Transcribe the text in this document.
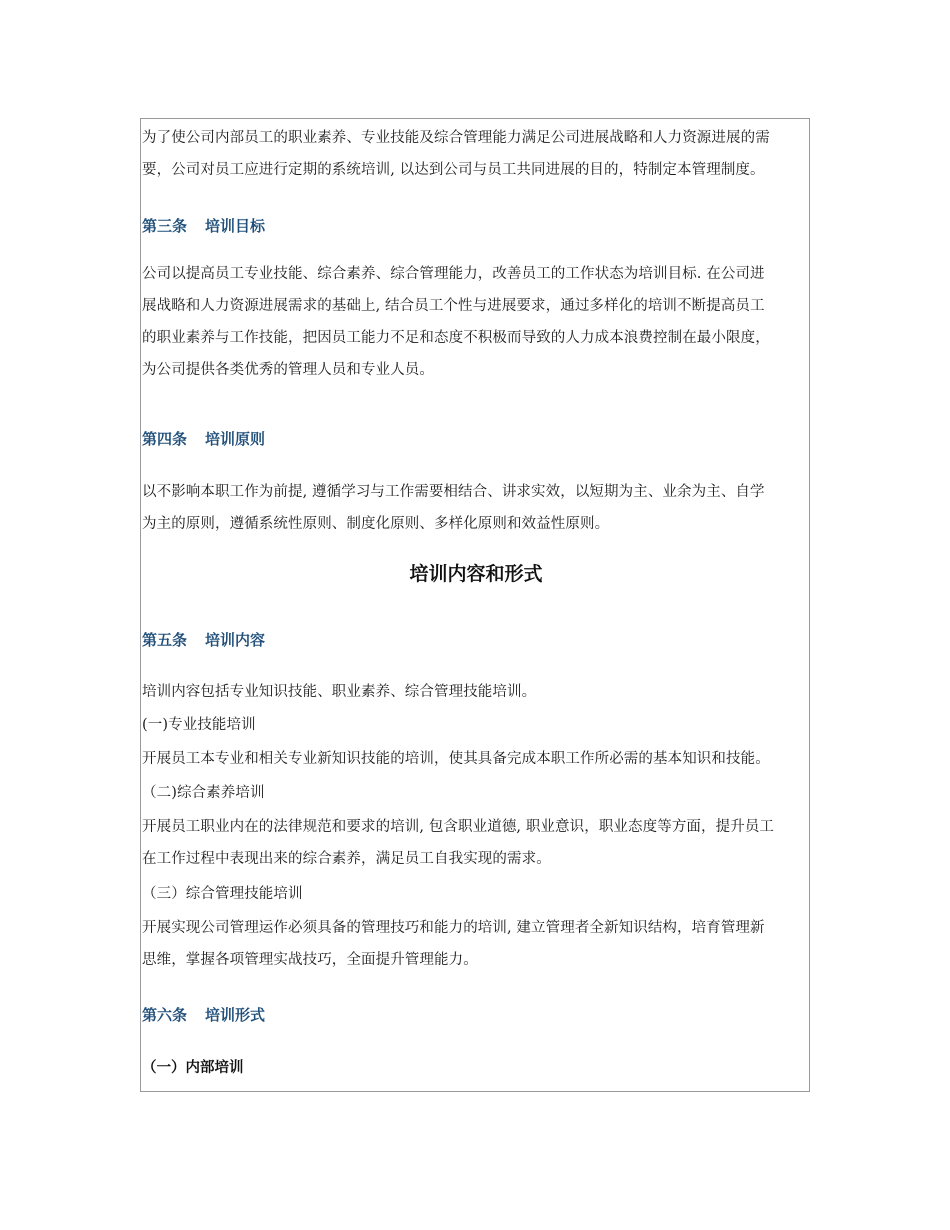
为了使公司内部员工的职业素养、专业技能及综合管理能力满足公司进展战略和人力资源进展的需
要，公司对员工应进行定期的系统培训, 以达到公司与员工共同进展的目的，特制定本管理制度。

第三条 培训目标

公司以提高员工专业技能、综合素养、综合管理能力，改善员工的工作状态为培训目标. 在公司进
展战略和人力资源进展需求的基础上, 结合员工个性与进展要求，通过多样化的培训不断提高员工
的职业素养与工作技能，把因员工能力不足和态度不积极而导致的人力成本浪费控制在最小限度，
为公司提供各类优秀的管理人员和专业人员。

第四条 培训原则

以不影响本职工作为前提, 遵循学习与工作需要相结合、讲求实效，以短期为主、业余为主、自学
为主的原则，遵循系统性原则、制度化原则、多样化原则和效益性原则。

培训内容和形式
第五条 培训内容
培训内容包括专业知识技能、职业素养、综合管理技能培训。
(一)专业技能培训
开展员工本专业和相关专业新知识技能的培训，使其具备完成本职工作所必需的基本知识和技能。
（二)综合素养培训

开展员工职业内在的法律规范和要求的培训, 包含职业道德, 职业意识，职业态度等方面，提升员工
在工作过程中表现出来的综合素养，满足员工自我实现的需求。

（三）综合管理技能培训

开展实现公司管理运作必须具备的管理技巧和能力的培训, 建立管理者全新知识结构，培育管理新
思维，掌握各项管理实战技巧，全面提升管理能力。

第六条 培训形式
（一）内部培训
